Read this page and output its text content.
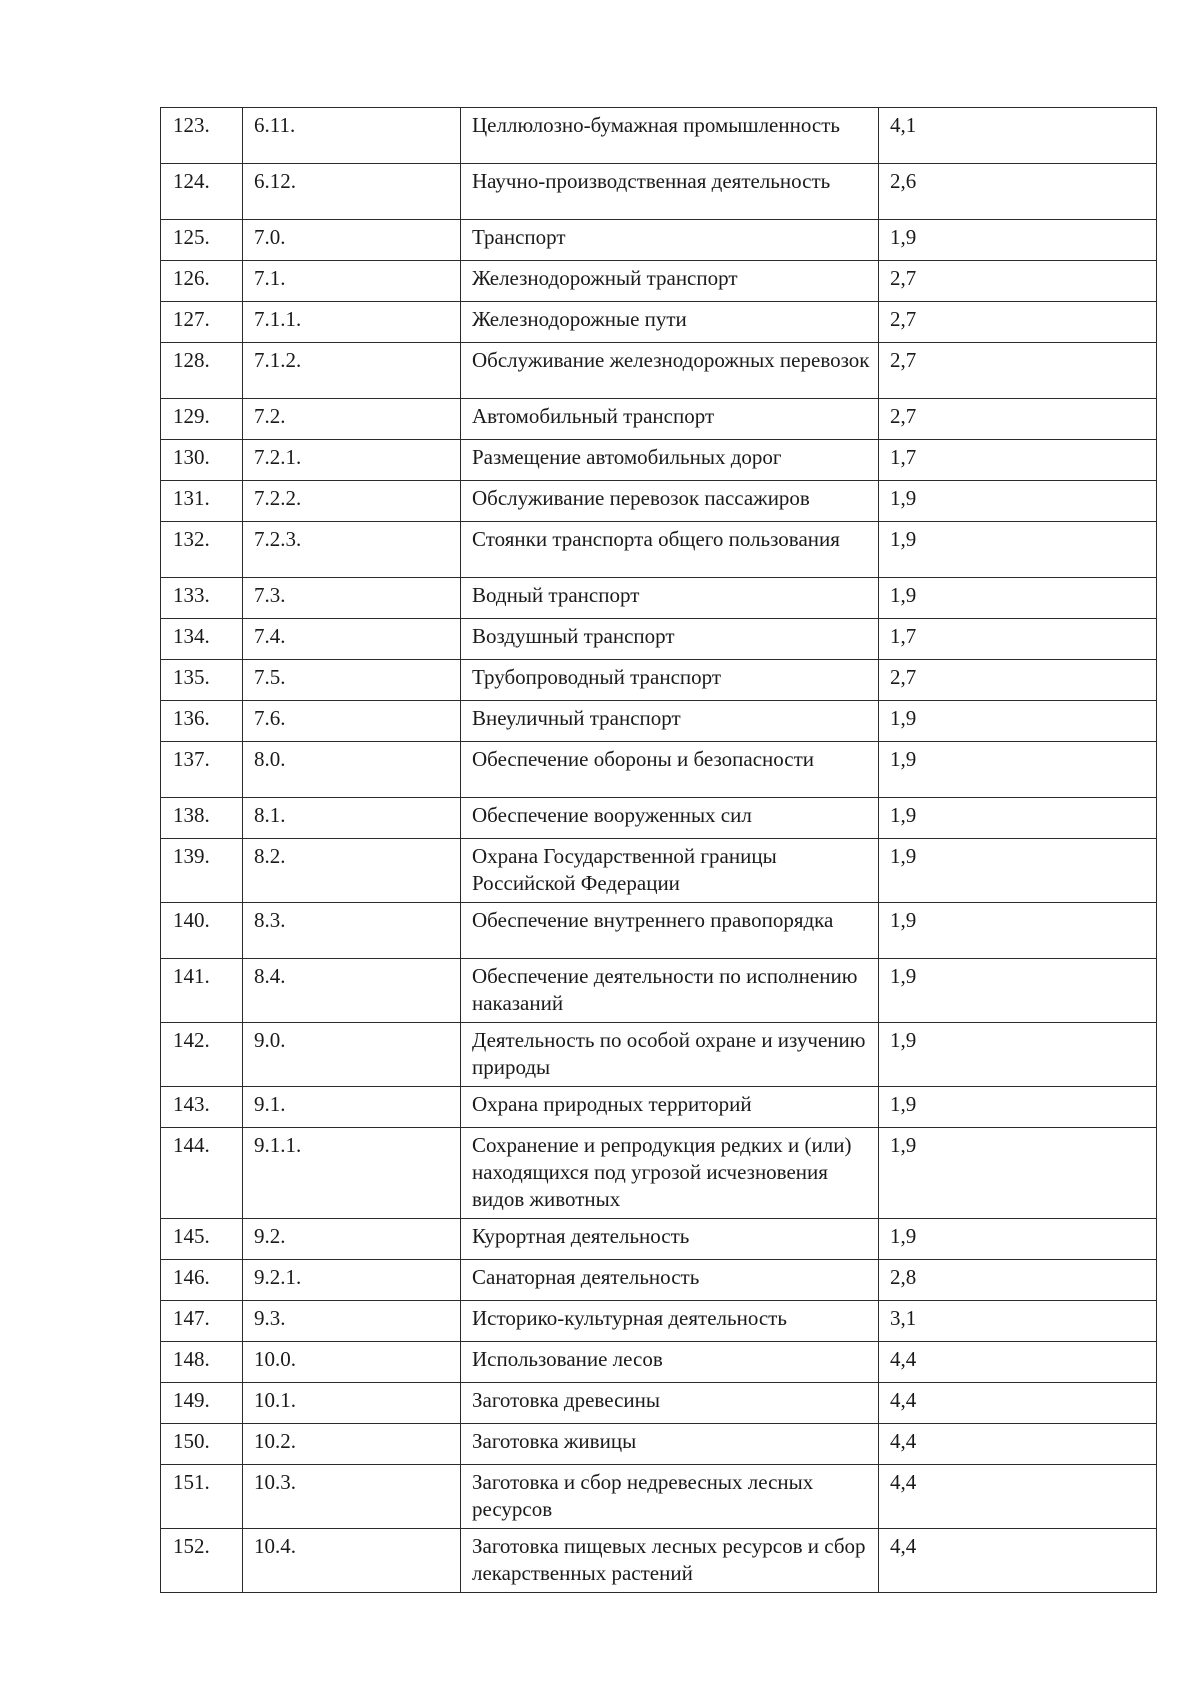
123.	6.11.	Целлюлозно-бумажная промышленность	4,1
124.	6.12.	Научно-производственная деятельность	2,6
125.	7.0.	Транспорт	1,9
126.	7.1.	Железнодорожный транспорт	2,7
127.	7.1.1.	Железнодорожные пути	2,7
128.	7.1.2.	Обслуживание железнодорожных перевозок	2,7
129.	7.2.	Автомобильный транспорт	2,7
130.	7.2.1.	Размещение автомобильных дорог	1,7
131.	7.2.2.	Обслуживание перевозок пассажиров	1,9
132.	7.2.3.	Стоянки транспорта общего пользования	1,9
133.	7.3.	Водный транспорт	1,9
134.	7.4.	Воздушный транспорт	1,7
135.	7.5.	Трубопроводный транспорт	2,7
136.	7.6.	Внеуличный транспорт	1,9
137.	8.0.	Обеспечение обороны и безопасности	1,9
138.	8.1.	Обеспечение вооруженных сил	1,9
139.	8.2.	Охрана Государственной границы Российской Федерации	1,9
140.	8.3.	Обеспечение внутреннего правопорядка	1,9
141.	8.4.	Обеспечение деятельности по исполнению наказаний	1,9
142.	9.0.	Деятельность по особой охране и изучению природы	1,9
143.	9.1.	Охрана природных территорий	1,9
144.	9.1.1.	Сохранение и репродукция редких и (или) находящихся под угрозой исчезновения видов животных	1,9
145.	9.2.	Курортная деятельность	1,9
146.	9.2.1.	Санаторная деятельность	2,8
147.	9.3.	Историко-культурная деятельность	3,1
148.	10.0.	Использование лесов	4,4
149.	10.1.	Заготовка древесины	4,4
150.	10.2.	Заготовка живицы	4,4
151.	10.3.	Заготовка и сбор недревесных лесных ресурсов	4,4
152.	10.4.	Заготовка пищевых лесных ресурсов и сбор лекарственных растений	4,4
